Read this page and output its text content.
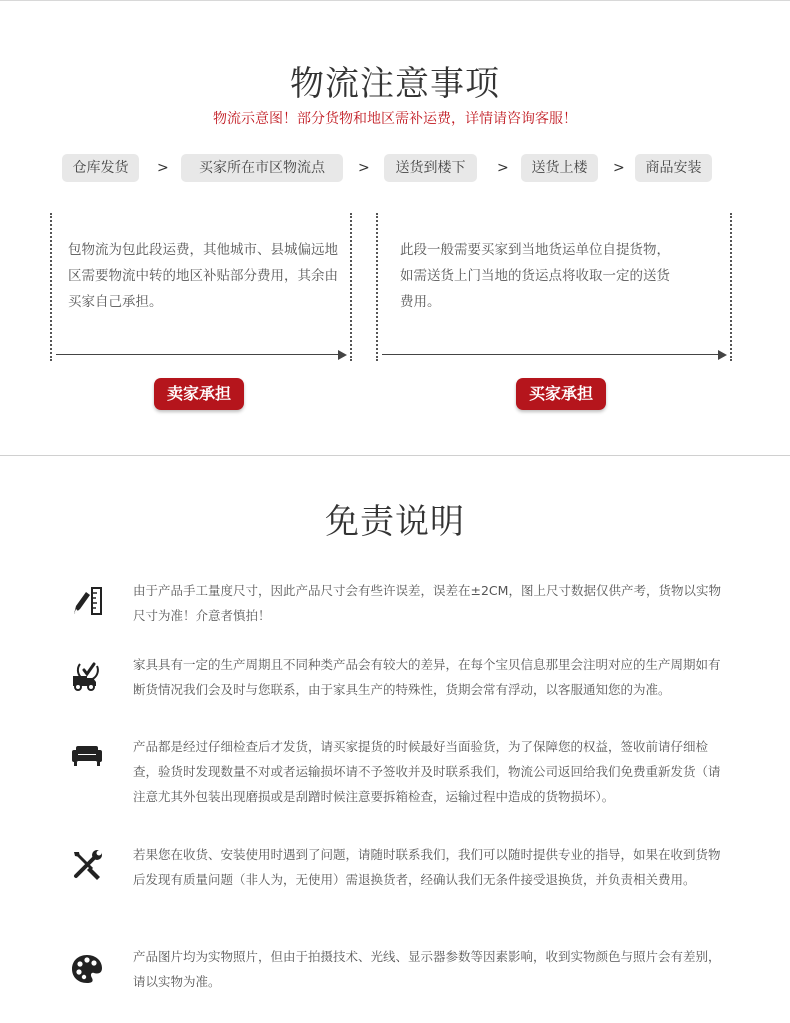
物流注意事项
物流示意图！部分货物和地区需补运费，详情请咨询客服！
仓库发货	>	买家所在市区物流点	>	送货到楼下	>	送货上楼	>	商品安装
包物流为包此段运费，其他城市、县城偏远地区需要物流中转的地区补贴部分费用，其余由买家自己承担。
此段一般需要买家到当地货运单位自提货物，如需送货上门当地的货运点将收取一定的送货费用。
卖家承担	买家承担
免责说明
由于产品手工量度尺寸，因此产品尺寸会有些许误差，误差在±2CM，图上尺寸数据仅供产考，货物以实物尺寸为准！介意者慎拍！
家具具有一定的生产周期且不同种类产品会有较大的差异，在每个宝贝信息那里会注明对应的生产周期如有断货情况我们会及时与您联系，由于家具生产的特殊性，货期会常有浮动，以客服通知您的为准。
产品都是经过仔细检查后才发货，请买家提货的时候最好当面验货，为了保障您的权益，签收前请仔细检查，验货时发现数量不对或者运输损坏请不予签收并及时联系我们，物流公司返回给我们免费重新发货（请注意尤其外包装出现磨损或是刮蹭时候注意要拆箱检查，运输过程中造成的货物损坏）。
若果您在收货、安装使用时遇到了问题，请随时联系我们，我们可以随时提供专业的指导，如果在收到货物后发现有质量问题（非人为，无使用）需退换货者，经确认我们无条件接受退换货，并负责相关费用。
产品图片均为实物照片，但由于拍摄技术、光线、显示器参数等因素影响，收到实物颜色与照片会有差别，请以实物为准。
